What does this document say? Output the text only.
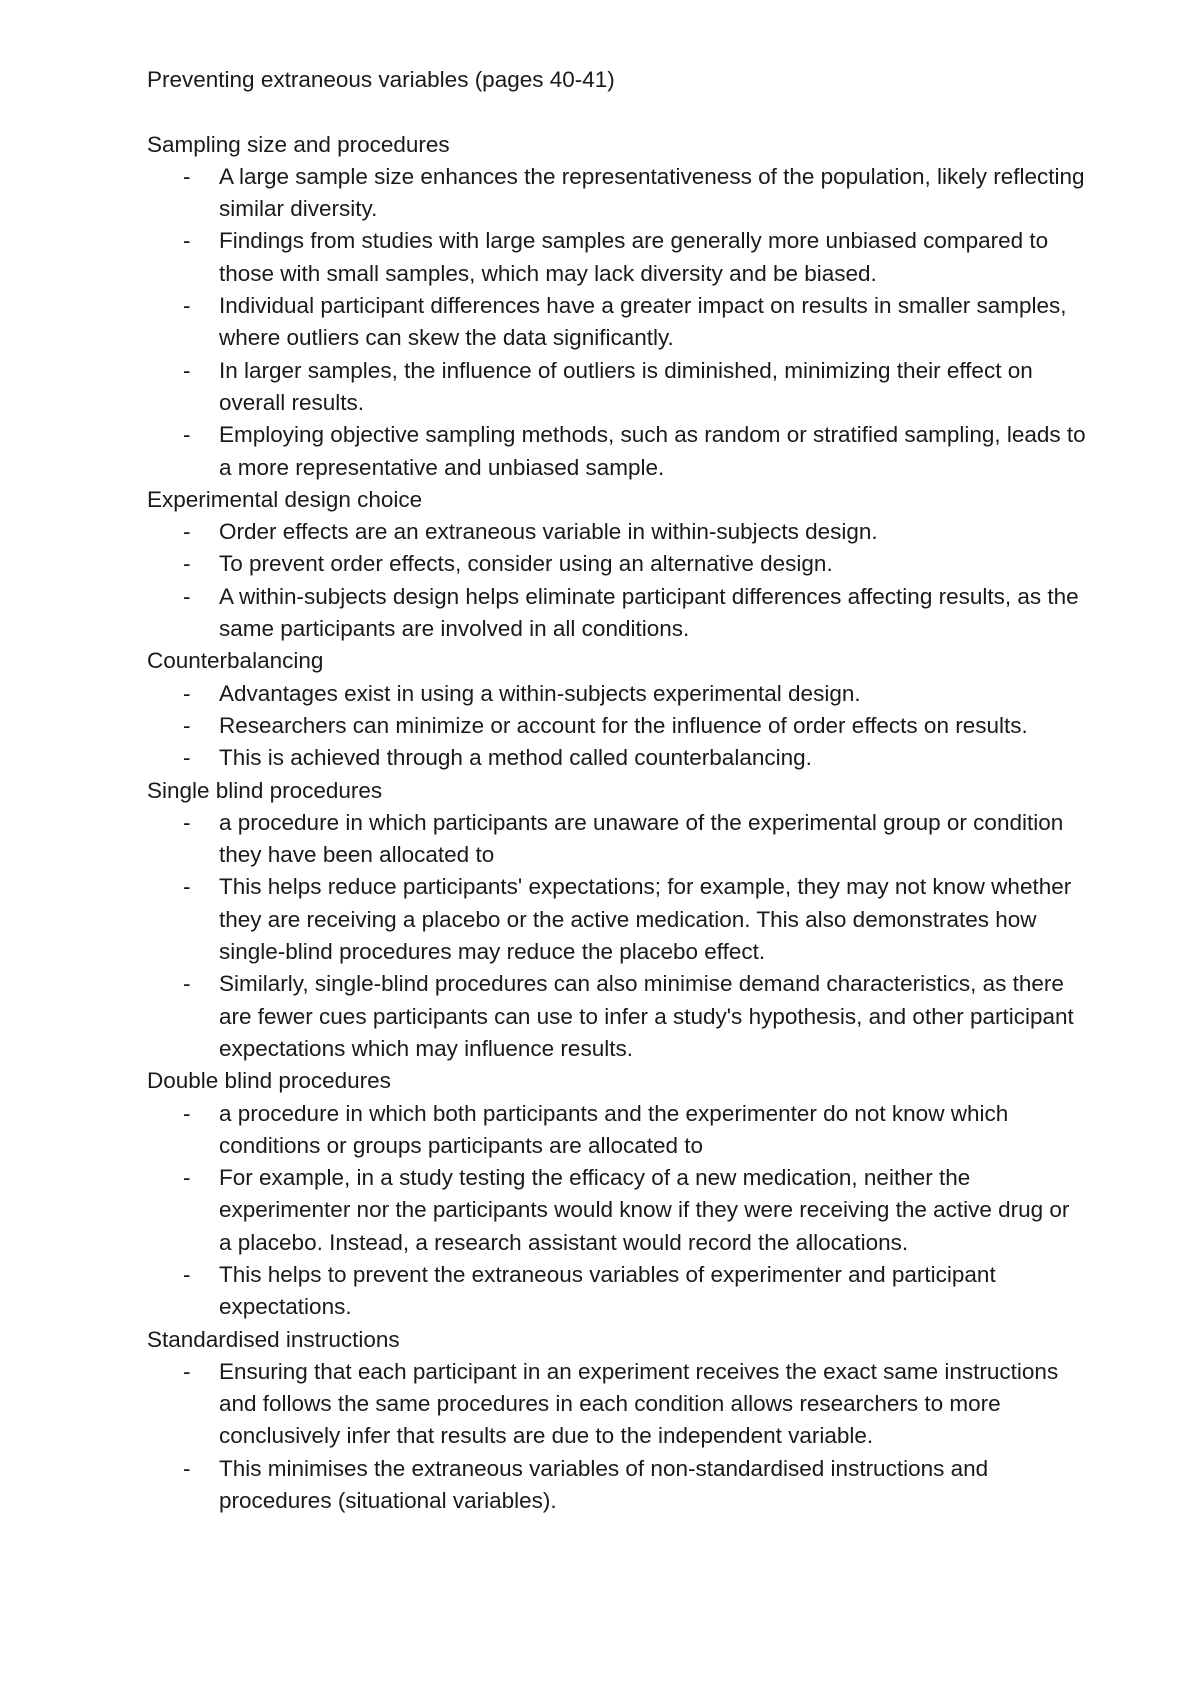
Preventing extraneous variables (pages 40-41)
Sampling size and procedures
- A large sample size enhances the representativeness of the population, likely reflecting similar diversity.
- Findings from studies with large samples are generally more unbiased compared to those with small samples, which may lack diversity and be biased.
- Individual participant differences have a greater impact on results in smaller samples, where outliers can skew the data significantly.
- In larger samples, the influence of outliers is diminished, minimizing their effect on overall results.
- Employing objective sampling methods, such as random or stratified sampling, leads to a more representative and unbiased sample.
Experimental design choice
- Order effects are an extraneous variable in within-subjects design.
- To prevent order effects, consider using an alternative design.
- A within-subjects design helps eliminate participant differences affecting results, as the same participants are involved in all conditions.
Counterbalancing
- Advantages exist in using a within-subjects experimental design.
- Researchers can minimize or account for the influence of order effects on results.
- This is achieved through a method called counterbalancing.
Single blind procedures
- a procedure in which participants are unaware of the experimental group or condition they have been allocated to
- This helps reduce participants' expectations; for example, they may not know whether they are receiving a placebo or the active medication. This also demonstrates how single-blind procedures may reduce the placebo effect.
- Similarly, single-blind procedures can also minimise demand characteristics, as there are fewer cues participants can use to infer a study's hypothesis, and other participant expectations which may influence results.
Double blind procedures
- a procedure in which both participants and the experimenter do not know which conditions or groups participants are allocated to
- For example, in a study testing the efficacy of a new medication, neither the experimenter nor the participants would know if they were receiving the active drug or a placebo. Instead, a research assistant would record the allocations.
- This helps to prevent the extraneous variables of experimenter and participant expectations.
Standardised instructions
- Ensuring that each participant in an experiment receives the exact same instructions and follows the same procedures in each condition allows researchers to more conclusively infer that results are due to the independent variable.
- This minimises the extraneous variables of non-standardised instructions and procedures (situational variables).
